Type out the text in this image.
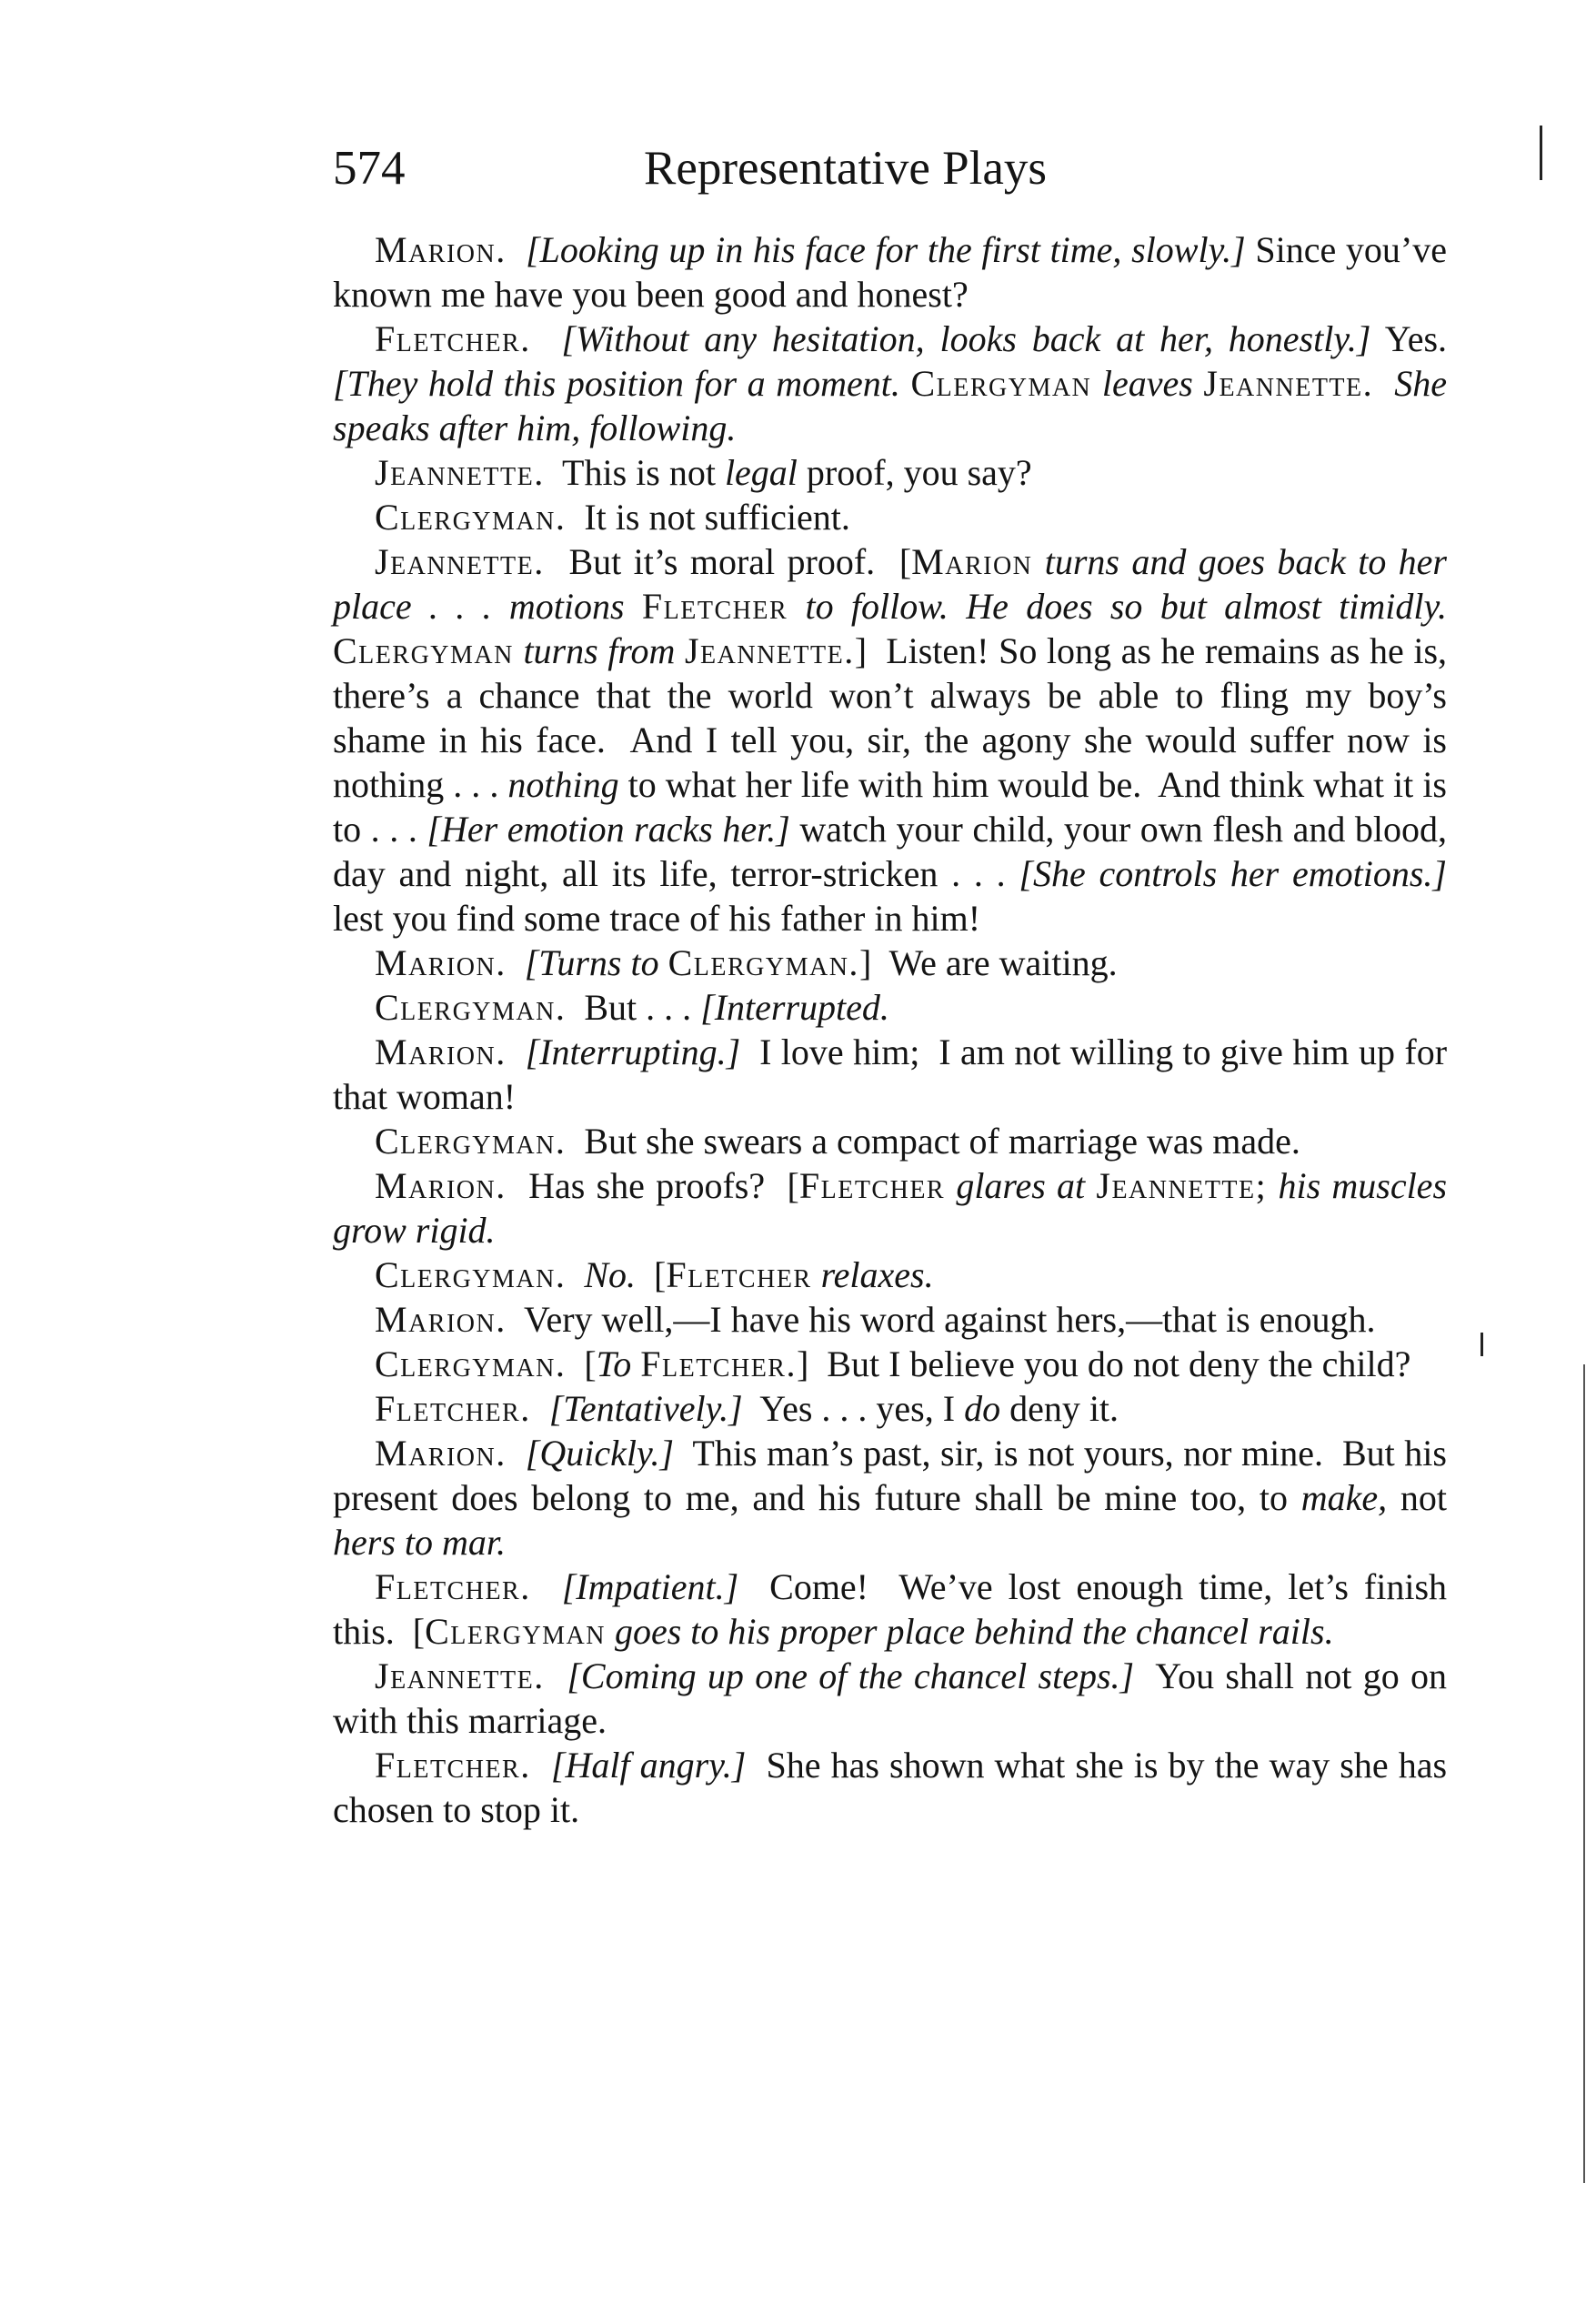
574	Representative Plays

Marion. [Looking up in his face for the first time, slowly.] Since you’ve known me have you been good and honest?

Fletcher. [Without any hesitation, looks back at her, honestly.] Yes.  [They hold this position for a moment. Clergyman leaves Jeannette. She speaks after him, following.

Jeannette.  This is not legal proof, you say?

Clergyman.  It is not sufficient.

Jeannette.  But it’s moral proof.  [Marion turns and goes back to her place . . . motions Fletcher to follow. He does so but almost timidly. Clergyman turns from Jeannette.]  Listen! So long as he remains as he is, there’s a chance that the world won’t always be able to fling my boy’s shame in his face.  And I tell you, sir, the agony she would suffer now is nothing . . . nothing to what her life with him would be.  And think what it is to . . . [Her emotion racks her.] watch your child, your own flesh and blood, day and night, all its life, terror-stricken . . . [She controls her emotions.] lest you find some trace of his father in him!

Marion. [Turns to Clergyman.]  We are waiting.

Clergyman.  But . . . [Interrupted.

Marion. [Interrupting.]  I love him;  I am not willing to give him up for that woman!

Clergyman.  But she swears a compact of marriage was made.

Marion.  Has she proofs?  [Fletcher glares at Jeannette; his muscles grow rigid.

Clergyman. No.  [Fletcher relaxes.

Marion.  Very well,—I have his word against hers,—that is enough.

Clergyman.  [To Fletcher.]  But I believe you do not deny the child?

Fletcher. [Tentatively.]  Yes . . . yes, I do deny it.

Marion. [Quickly.]  This man’s past, sir, is not yours, nor mine.  But his present does belong to me, and his future shall be mine too, to make, not hers to mar.

Fletcher. [Impatient.]  Come!  We’ve lost enough time, let’s finish this.  [Clergyman goes to his proper place behind the chancel rails.

Jeannette. [Coming up one of the chancel steps.]  You shall not go on with this marriage.

Fletcher. [Half angry.]  She has shown what she is by the way she has chosen to stop it.
